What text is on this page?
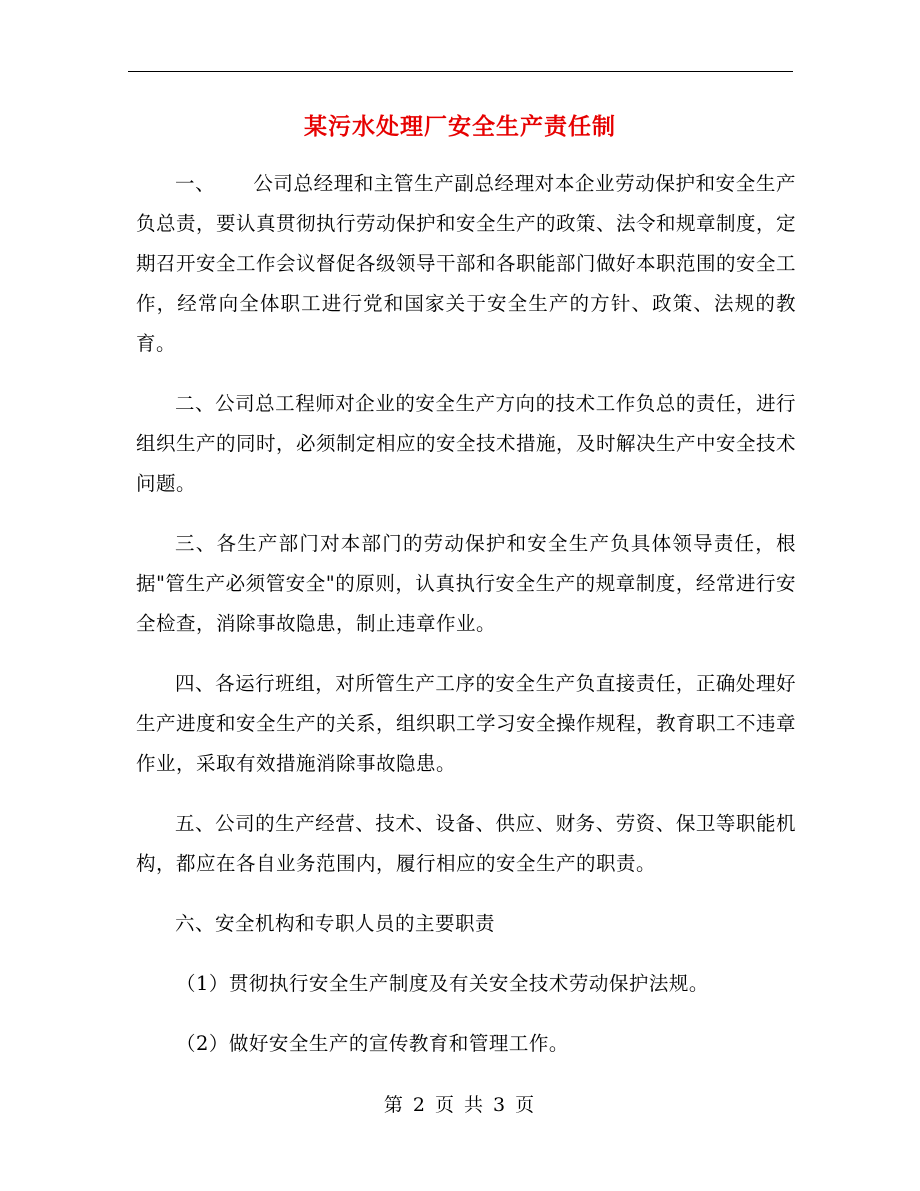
某污水处理厂安全生产责任制

一、 公司总经理和主管生产副总经理对本企业劳动保护和安全生产负总责，要认真贯彻执行劳动保护和安全生产的政策、法令和规章制度，定期召开安全工作会议督促各级领导干部和各职能部门做好本职范围的安全工作，经常向全体职工进行党和国家关于安全生产的方针、政策、法规的教育。

二、公司总工程师对企业的安全生产方向的技术工作负总的责任，进行组织生产的同时，必须制定相应的安全技术措施，及时解决生产中安全技术问题。

三、各生产部门对本部门的劳动保护和安全生产负具体领导责任，根据"管生产必须管安全"的原则，认真执行安全生产的规章制度，经常进行安全检查，消除事故隐患，制止违章作业。

四、各运行班组，对所管生产工序的安全生产负直接责任，正确处理好生产进度和安全生产的关系，组织职工学习安全操作规程，教育职工不违章作业，采取有效措施消除事故隐患。

五、公司的生产经营、技术、设备、供应、财务、劳资、保卫等职能机构，都应在各自业务范围内，履行相应的安全生产的职责。

六、安全机构和专职人员的主要职责

（1）贯彻执行安全生产制度及有关安全技术劳动保护法规。

（2）做好安全生产的宣传教育和管理工作。

第 2 页 共 3 页
